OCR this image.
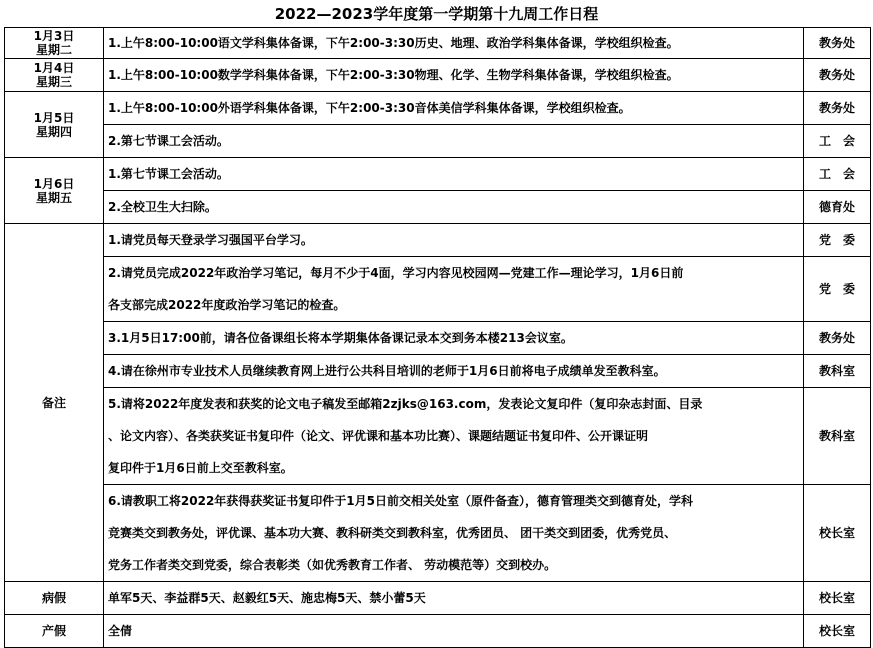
2022—2023学年度第一学期第十九周工作日程
1月3日
星期二	1.上午8:00-10:00语文学科集体备课，下午2:00-3:30历史、地理、政治学科集体备课，学校组织检查。	教务处

1月4日
星期三	1.上午8:00-10:00数学学科集体备课，下午2:00-3:30物理、化学、生物学科集体备课，学校组织检查。	教务处

1月5日
星期四	1.上午8:00-10:00外语学科集体备课，下午2:00-3:30音体美信学科集体备课，学校组织检查。	教务处

	2.第七节课工会活动。	工　会

1月6日
星期五	1.第七节课工会活动。	工　会

	2.全校卫生大扫除。	德育处
备注	1.请党员每天登录学习强国平台学习。	党　委

	2.请党员完成2022年政治学习笔记，每月不少于4面，学习内容见校园网—党建工作—理论学习，1月6日前
各支部完成2022年度政治学习笔记的检查。	党　委

	3.1月5日17:00前，请各位备课组长将本学期集体备课记录本交到务本楼213会议室。	教务处

	4.请在徐州市专业技术人员继续教育网上进行公共科目培训的老师于1月6日前将电子成绩单发至教科室。	教科室

	5.请将2022年度发表和获奖的论文电子稿发至邮箱2zjks@163.com，发表论文复印件（复印杂志封面、目录
、论文内容）、各类获奖证书复印件（论文、评优课和基本功比赛）、课题结题证书复印件、公开课证明
复印件于1月6日前上交至教科室。	教科室

	6.请教职工将2022年获得获奖证书复印件于1月5日前交相关处室（原件备查），德育管理类交到德育处，学科
竞赛类交到教务处，评优课、基本功大赛、教科研类交到教科室，优秀团员、 团干类交到团委，优秀党员、
党务工作者类交到党委，综合表彰类（如优秀教育工作者、 劳动模范等）交到校办。	校长室
病假	单军5天、李益群5天、赵毅红5天、施忠梅5天、禁小蕾5天	校长室
产假	全倩	校长室
